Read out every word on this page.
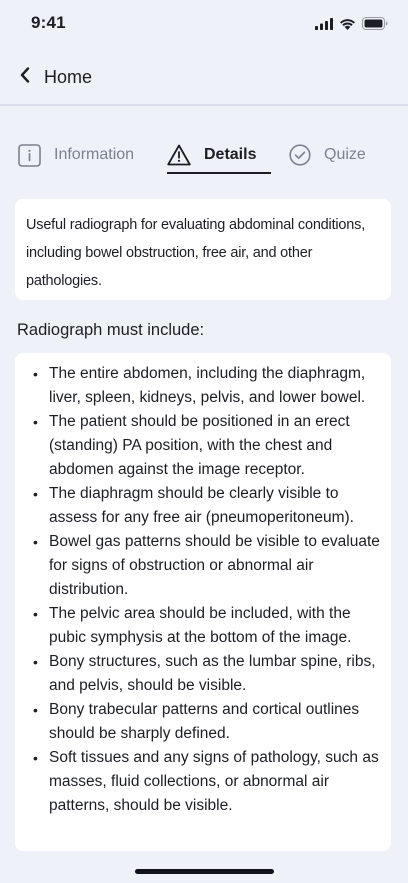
9:41
Home
Information	Details	Quize

Useful radiograph for evaluating abdominal conditions, including bowel obstruction, free air, and other pathologies.

Radiograph must include:
• The entire abdomen, including the diaphragm, liver, spleen, kidneys, pelvis, and lower bowel.
• The patient should be positioned in an erect (standing) PA position, with the chest and abdomen against the image receptor.
• The diaphragm should be clearly visible to assess for any free air (pneumoperitoneum).
• Bowel gas patterns should be visible to evaluate for signs of obstruction or abnormal air distribution.
• The pelvic area should be included, with the pubic symphysis at the bottom of the image.
• Bony structures, such as the lumbar spine, ribs, and pelvis, should be visible.
• Bony trabecular patterns and cortical outlines should be sharply defined.
• Soft tissues and any signs of pathology, such as masses, fluid collections, or abnormal air patterns, should be visible.
